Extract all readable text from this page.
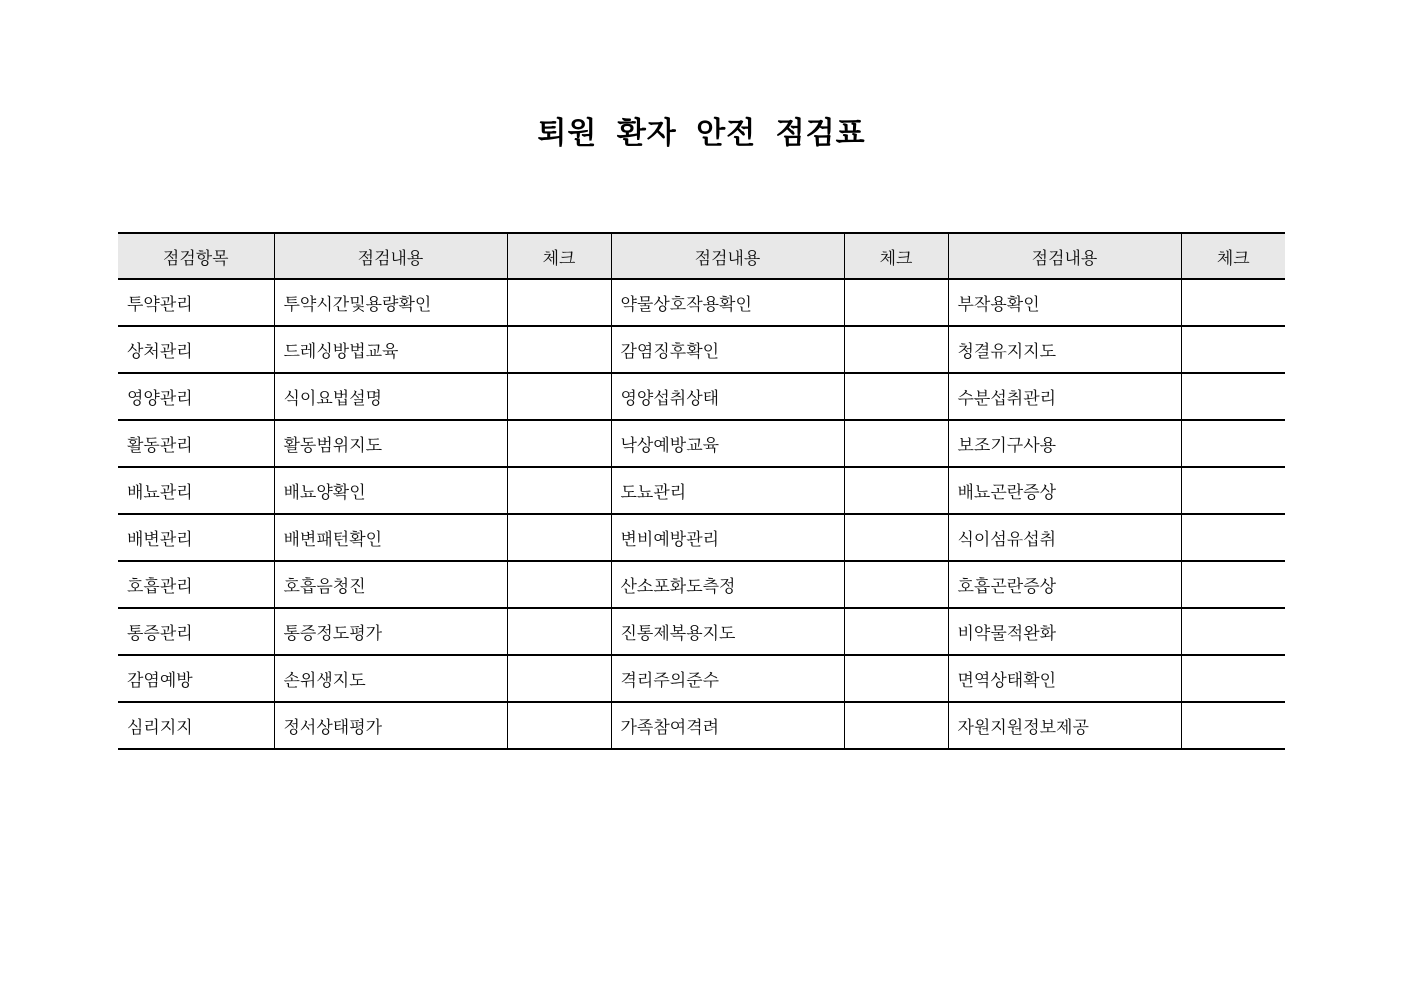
퇴원 환자 안전 점검표
점검항목	점검내용	체크	점검내용	체크	점검내용	체크
투약관리	투약시간및용량확인		약물상호작용확인		부작용확인	
상처관리	드레싱방법교육		감염징후확인		청결유지지도	
영양관리	식이요법설명		영양섭취상태		수분섭취관리	
활동관리	활동범위지도		낙상예방교육		보조기구사용	
배뇨관리	배뇨양확인		도뇨관리		배뇨곤란증상	
배변관리	배변패턴확인		변비예방관리		식이섬유섭취	
호흡관리	호흡음청진		산소포화도측정		호흡곤란증상	
통증관리	통증정도평가		진통제복용지도		비약물적완화	
감염예방	손위생지도		격리주의준수		면역상태확인	
심리지지	정서상태평가		가족참여격려		자원지원정보제공	
